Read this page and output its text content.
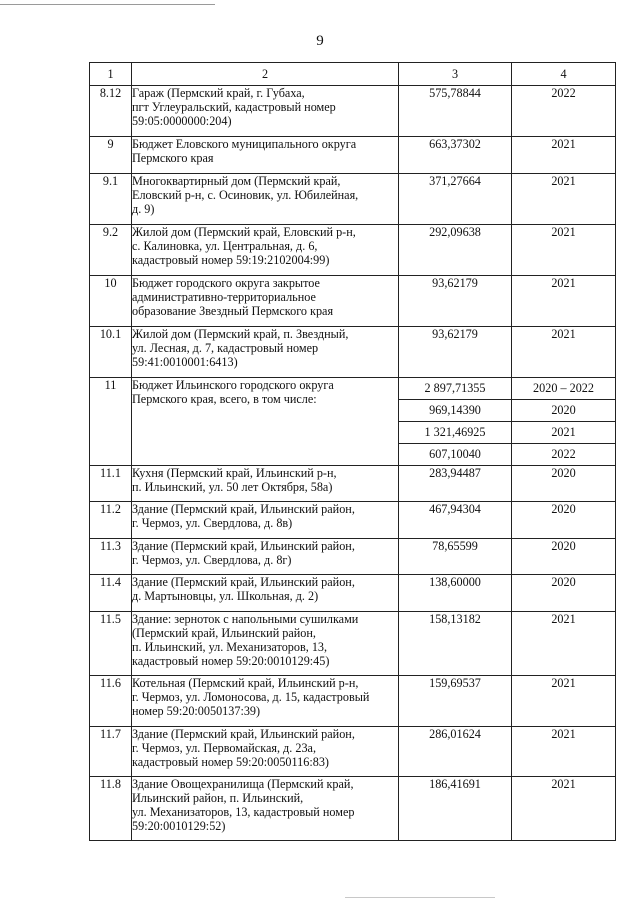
9
1	2	3	4
8.12	Гараж (Пермский край, г. Губаха,
пгт Углеуральский, кадастровый номер
59:05:0000000:204)	575,78844	2022
9	Бюджет Еловского муниципального округа
Пермского края	663,37302	2021
9.1	Многоквартирный дом (Пермский край,
Еловский р-н, с. Осиновик, ул. Юбилейная,
д. 9)	371,27664	2021
9.2	Жилой дом (Пермский край, Еловский р-н,
с. Калиновка, ул. Центральная, д. 6,
кадастровый номер 59:19:2102004:99)	292,09638	2021
10	Бюджет городского округа закрытое
административно-территориальное
образование Звездный Пермского края	93,62179	2021
10.1	Жилой дом (Пермский край, п. Звездный,
ул. Лесная, д. 7, кадастровый номер
59:41:0010001:6413)	93,62179	2021
11	Бюджет Ильинского городского округа
Пермского края, всего, в том числе:	2 897,71355	2020 – 2022
		969,14390	2020
		1 321,46925	2021
		607,10040	2022
11.1	Кухня (Пермский край, Ильинский р-н,
п. Ильинский, ул. 50 лет Октября, 58а)	283,94487	2020
11.2	Здание (Пермский край, Ильинский район,
г. Чермоз, ул. Свердлова, д. 8в)	467,94304	2020
11.3	Здание (Пермский край, Ильинский район,
г. Чермоз, ул. Свердлова, д. 8г)	78,65599	2020
11.4	Здание (Пермский край, Ильинский район,
д. Мартыновцы, ул. Школьная, д. 2)	138,60000	2020
11.5	Здание: зерноток с напольными сушилками
(Пермский край, Ильинский район,
п. Ильинский, ул. Механизаторов, 13,
кадастровый номер 59:20:0010129:45)	158,13182	2021
11.6	Котельная (Пермский край, Ильинский р-н,
г. Чермоз, ул. Ломоносова, д. 15, кадастровый
номер 59:20:0050137:39)	159,69537	2021
11.7	Здание (Пермский край, Ильинский район,
г. Чермоз, ул. Первомайская, д. 23а,
кадастровый номер 59:20:0050116:83)	286,01624	2021
11.8	Здание Овощехранилища (Пермский край,
Ильинский район, п. Ильинский,
ул. Механизаторов, 13, кадастровый номер
59:20:0010129:52)	186,41691	2021
